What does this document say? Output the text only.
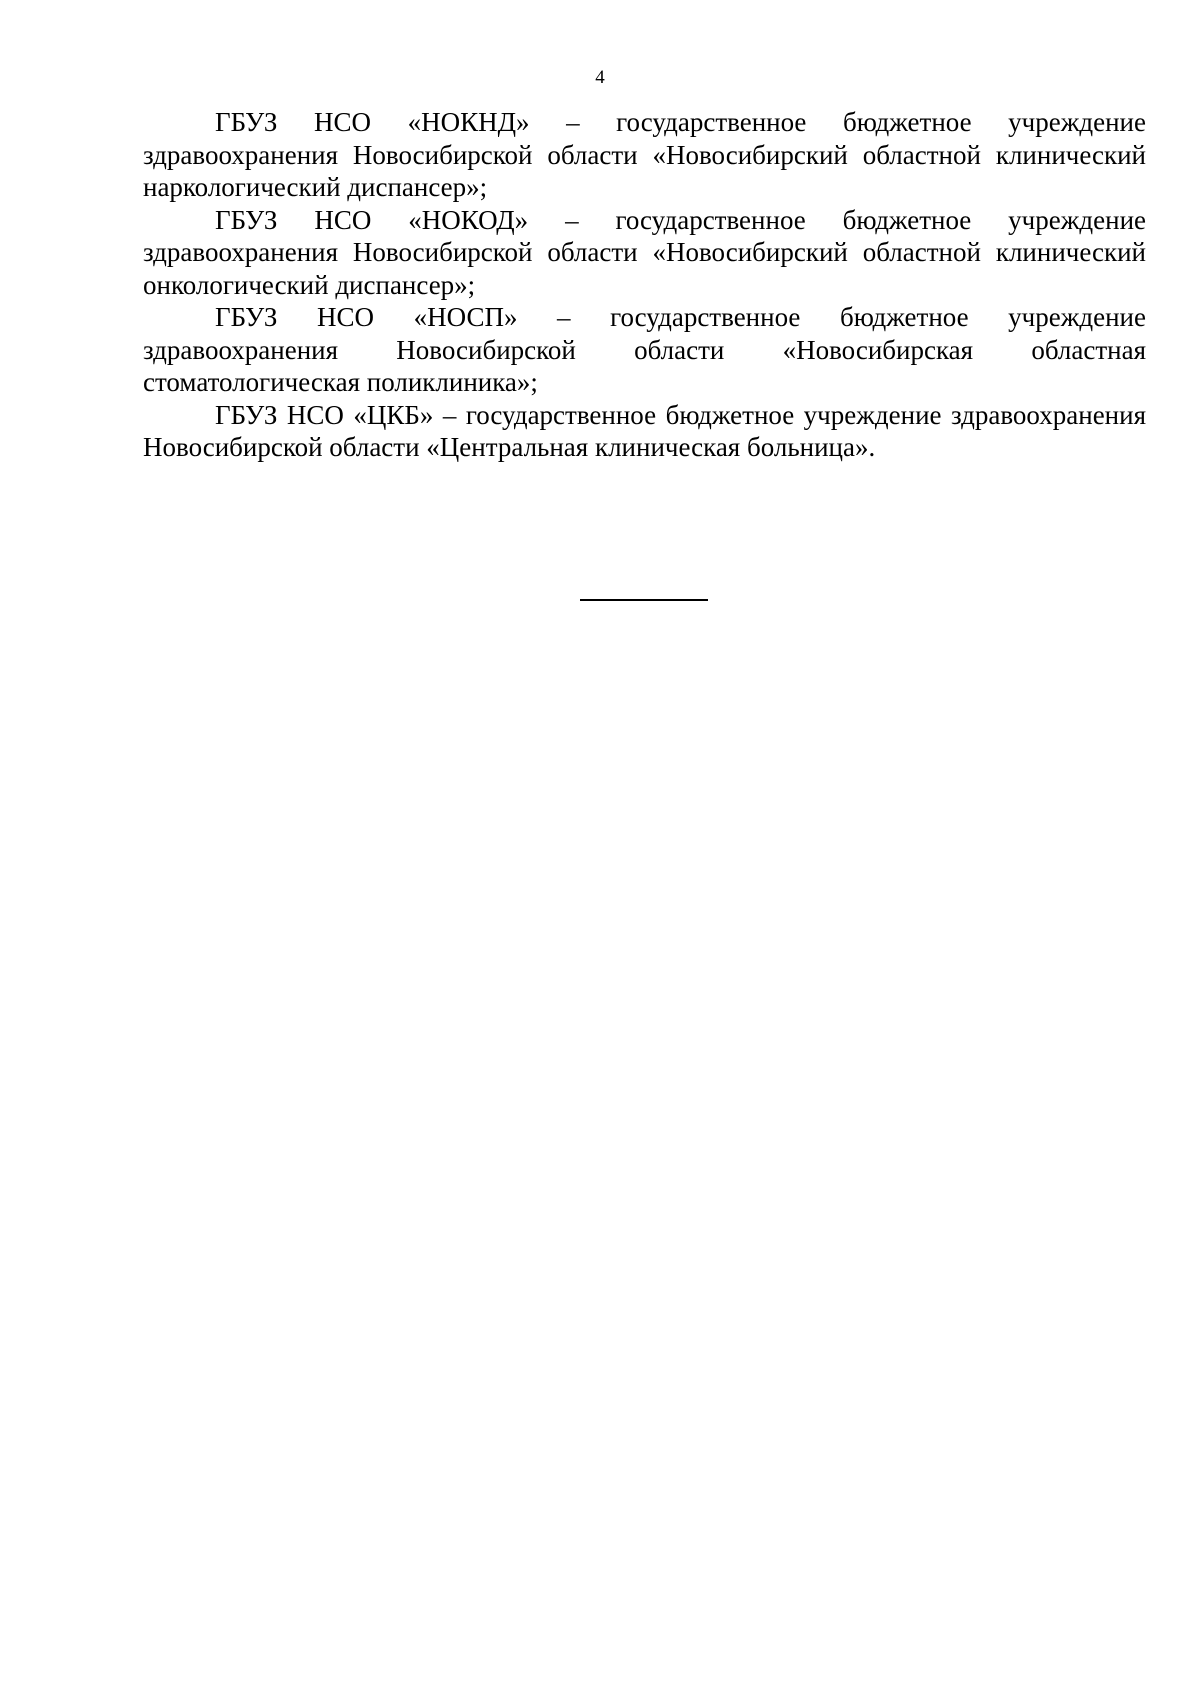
4

ГБУЗ НСО «НОКНД» – государственное бюджетное учреждение здравоохранения Новосибирской области «Новосибирский областной клинический наркологический диспансер»;

ГБУЗ НСО «НОКОД» – государственное бюджетное учреждение здравоохранения Новосибирской области «Новосибирский областной клинический онкологический диспансер»;

ГБУЗ НСО «НОСП» – государственное бюджетное учреждение здравоохранения Новосибирской области «Новосибирская областная стоматологическая поликлиника»;

ГБУЗ НСО «ЦКБ» – государственное бюджетное учреждение здравоохранения Новосибирской области «Центральная клиническая больница».
